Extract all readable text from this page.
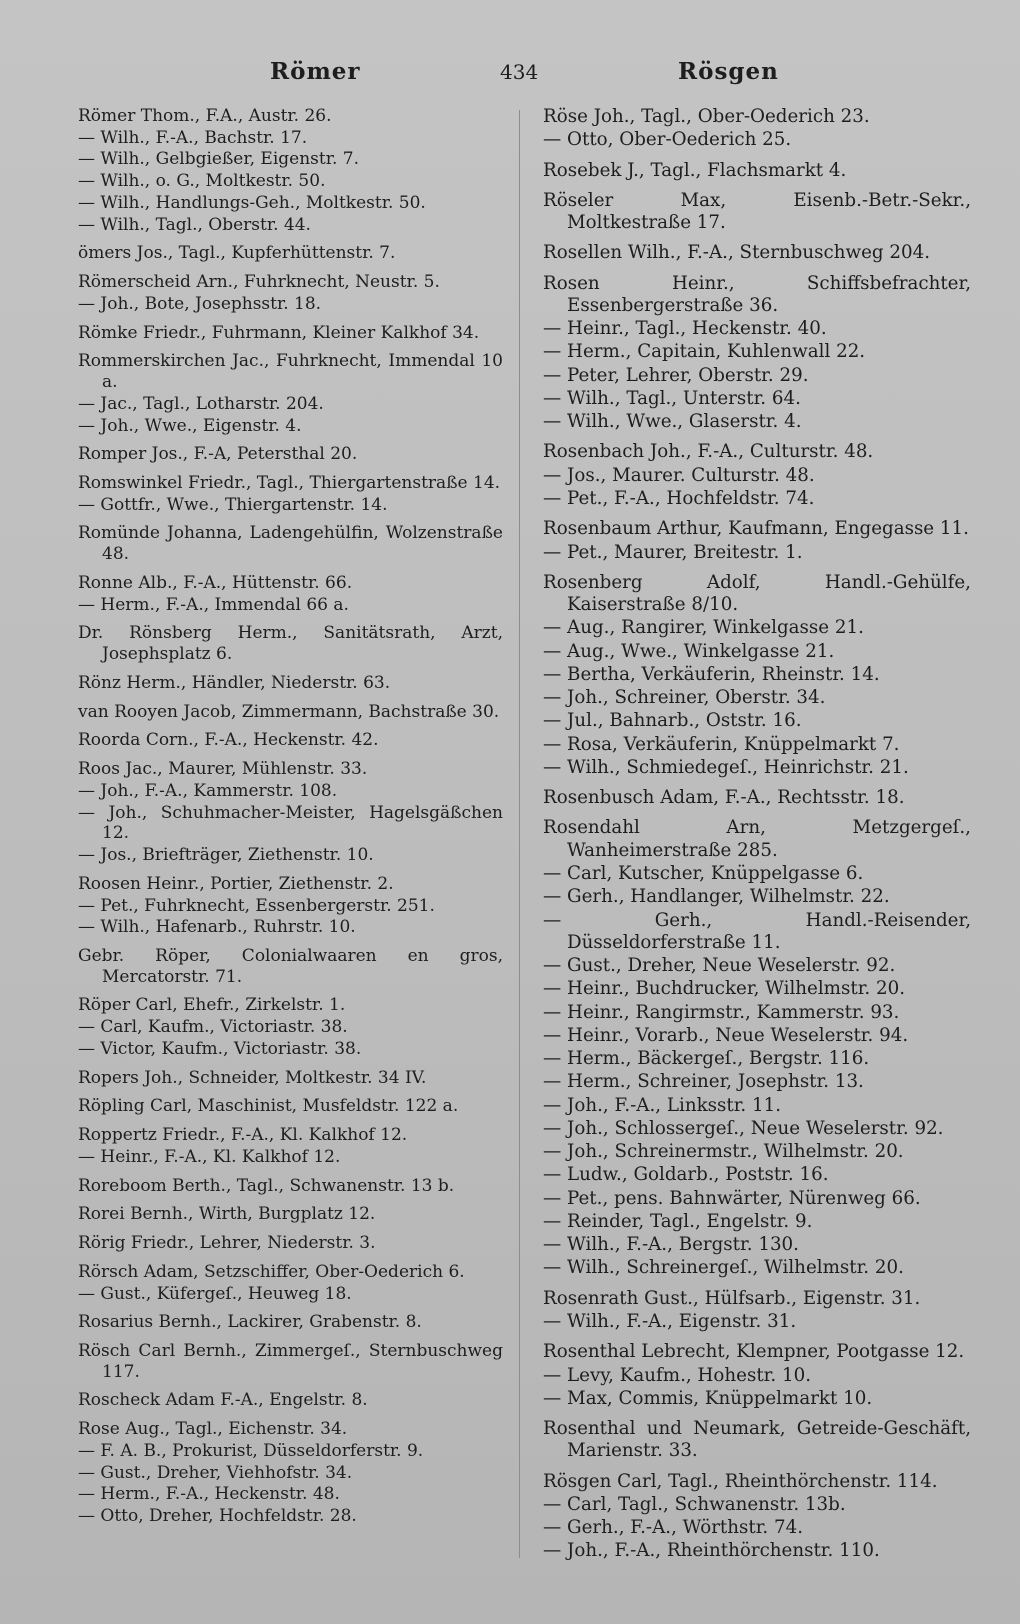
Römer	434	Rösgen
Römer Thom., F.A., Austr. 26.
— Wilh., F.-A., Bachstr. 17.
— Wilh., Gelbgießer, Eigenstr. 7.
— Wilh., o. G., Moltkestr. 50.
— Wilh., Handlungs-Geh., Moltkestr. 50.
— Wilh., Tagl., Oberstr. 44.
ömers Jos., Tagl., Kupferhüttenstr. 7.
Römerscheid Arn., Fuhrknecht, Neustr. 5.
— Joh., Bote, Josephsstr. 18.
Römke Friedr., Fuhrmann, Kleiner Kalkhof 34.
Rommerskirchen Jac., Fuhrknecht, Immendal 10 a.
— Jac., Tagl., Lotharstr. 204.
— Joh., Wwe., Eigenstr. 4.
Romper Jos., F.-A, Petersthal 20.
Romswinkel Friedr., Tagl., Thiergartenstraße 14.
— Gottfr., Wwe., Thiergartenstr. 14.
Romünde Johanna, Ladengehülfin, Wolzenstraße 48.
Ronne Alb., F.-A., Hüttenstr. 66.
— Herm., F.-A., Immendal 66 a.
Dr. Rönsberg Herm., Sanitätsrath, Arzt, Josephsplatz 6.
Rönz Herm., Händler, Niederstr. 63.
van Rooyen Jacob, Zimmermann, Bachstraße 30.
Roorda Corn., F.-A., Heckenstr. 42.
Roos Jac., Maurer, Mühlenstr. 33.
— Joh., F.-A., Kammerstr. 108.
— Joh., Schuhmacher-Meister, Hagelsgäßchen 12.
— Jos., Briefträger, Ziethenstr. 10.
Roosen Heinr., Portier, Ziethenstr. 2.
— Pet., Fuhrknecht, Essenbergerstr. 251.
— Wilh., Hafenarb., Ruhrstr. 10.
Gebr. Röper, Colonialwaaren en gros, Mercatorstr. 71.
Röper Carl, Ehefr., Zirkelstr. 1.
— Carl, Kaufm., Victoriastr. 38.
— Victor, Kaufm., Victoriastr. 38.
Ropers Joh., Schneider, Moltkestr. 34 IV.
Röpling Carl, Maschinist, Musfeldstr. 122 a.
Roppertz Friedr., F.-A., Kl. Kalkhof 12.
— Heinr., F.-A., Kl. Kalkhof 12.
Roreboom Berth., Tagl., Schwanenstr. 13 b.
Rorei Bernh., Wirth, Burgplatz 12.
Rörig Friedr., Lehrer, Niederstr. 3.
Rörsch Adam, Setzschiffer, Ober-Oederich 6.
— Gust., Küfergeſ., Heuweg 18.
Rosarius Bernh., Lackirer, Grabenstr. 8.
Rösch Carl Bernh., Zimmergeſ., Sternbuschweg 117.
Roscheck Adam F.-A., Engelstr. 8.
Rose Aug., Tagl., Eichenstr. 34.
— F. A. B., Prokurist, Düsseldorferstr. 9.
— Gust., Dreher, Viehhofstr. 34.
— Herm., F.-A., Heckenstr. 48.
— Otto, Dreher, Hochfeldstr. 28.
Röse Joh., Tagl., Ober-Oederich 23.
— Otto, Ober-Oederich 25.
Rosebek J., Tagl., Flachsmarkt 4.
Röseler Max, Eisenb.-Betr.-Sekr., Moltkestraße 17.
Rosellen Wilh., F.-A., Sternbuschweg 204.
Rosen Heinr., Schiffsbefrachter, Essenbergerstraße 36.
— Heinr., Tagl., Heckenstr. 40.
— Herm., Capitain, Kuhlenwall 22.
— Peter, Lehrer, Oberstr. 29.
— Wilh., Tagl., Unterstr. 64.
— Wilh., Wwe., Glaserstr. 4.
Rosenbach Joh., F.-A., Culturstr. 48.
— Jos., Maurer. Culturstr. 48.
— Pet., F.-A., Hochfeldstr. 74.
Rosenbaum Arthur, Kaufmann, Engegasse 11.
— Pet., Maurer, Breitestr. 1.
Rosenberg Adolf, Handl.-Gehülfe, Kaiserstraße 8/10.
— Aug., Rangirer, Winkelgasse 21.
— Aug., Wwe., Winkelgasse 21.
— Bertha, Verkäuferin, Rheinstr. 14.
— Joh., Schreiner, Oberstr. 34.
— Jul., Bahnarb., Oststr. 16.
— Rosa, Verkäuferin, Knüppelmarkt 7.
— Wilh., Schmiedegeſ., Heinrichstr. 21.
Rosenbusch Adam, F.-A., Rechtsstr. 18.
Rosendahl Arn, Metzgergeſ., Wanheimerstraße 285.
— Carl, Kutscher, Knüppelgasse 6.
— Gerh., Handlanger, Wilhelmstr. 22.
— Gerh., Handl.-Reisender, Düsseldorferstraße 11.
— Gust., Dreher, Neue Weselerstr. 92.
— Heinr., Buchdrucker, Wilhelmstr. 20.
— Heinr., Rangirmstr., Kammerstr. 93.
— Heinr., Vorarb., Neue Weselerstr. 94.
— Herm., Bäckergeſ., Bergstr. 116.
— Herm., Schreiner, Josephstr. 13.
— Joh., F.-A., Linksstr. 11.
— Joh., Schlossergeſ., Neue Weselerstr. 92.
— Joh., Schreinermstr., Wilhelmstr. 20.
— Ludw., Goldarb., Poststr. 16.
— Pet., pens. Bahnwärter, Nürenweg 66.
— Reinder, Tagl., Engelstr. 9.
— Wilh., F.-A., Bergstr. 130.
— Wilh., Schreinergeſ., Wilhelmstr. 20.
Rosenrath Gust., Hülfsarb., Eigenstr. 31.
— Wilh., F.-A., Eigenstr. 31.
Rosenthal Lebrecht, Klempner, Pootgasse 12.
— Levy, Kaufm., Hohestr. 10.
— Max, Commis, Knüppelmarkt 10.
Rosenthal und Neumark, Getreide-Geschäft, Marienstr. 33.
Rösgen Carl, Tagl., Rheinthörchenstr. 114.
— Carl, Tagl., Schwanenstr. 13b.
— Gerh., F.-A., Wörthstr. 74.
— Joh., F.-A., Rheinthörchenstr. 110.
